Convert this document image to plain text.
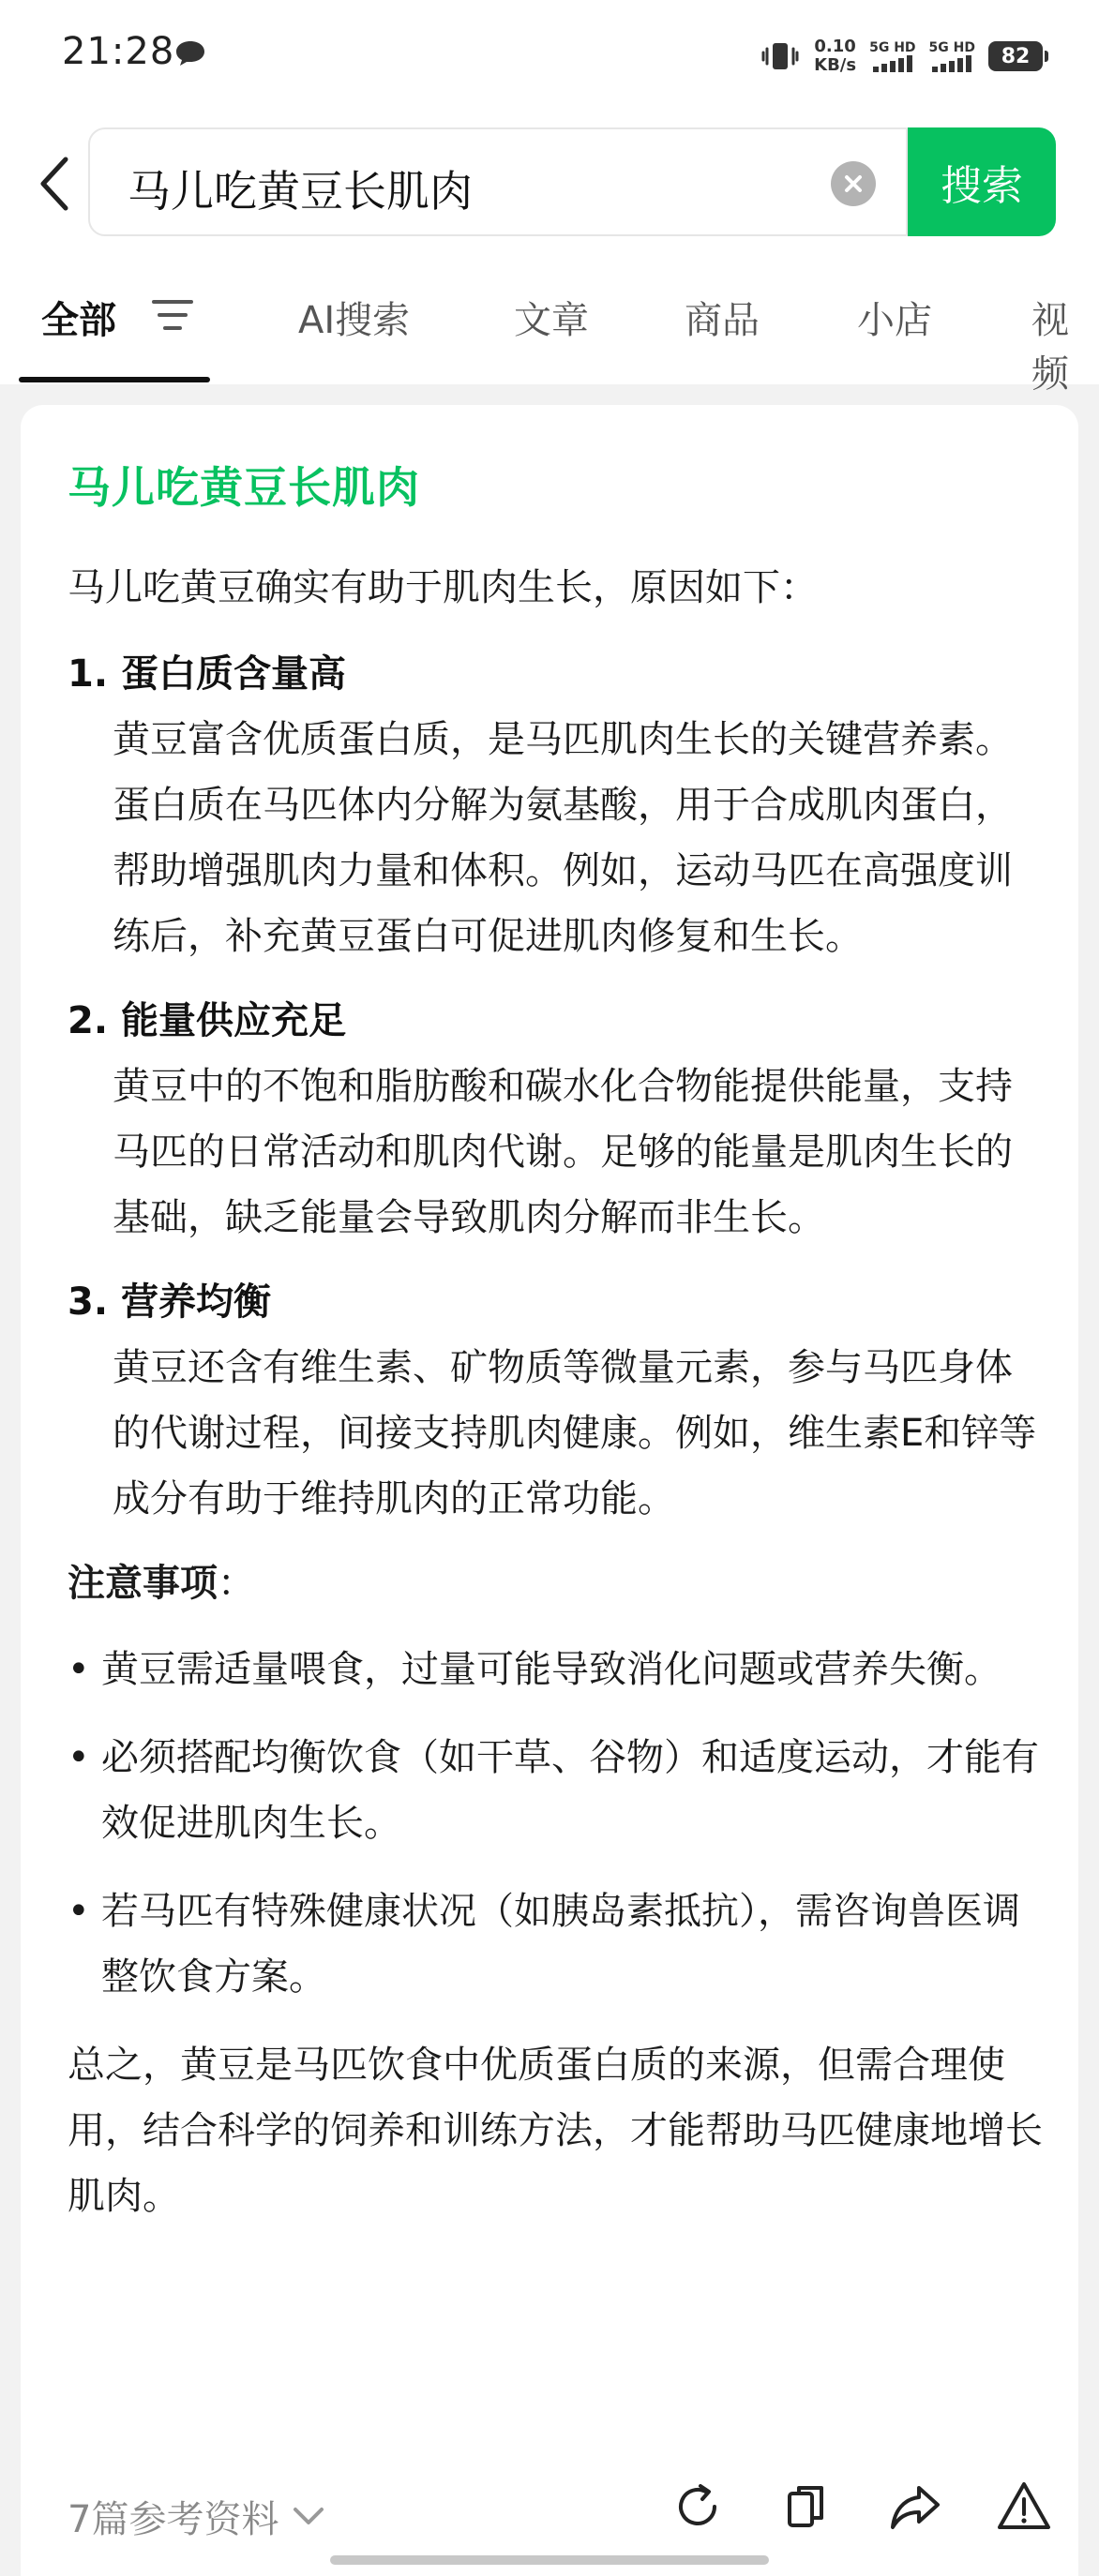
21:28	0.10
KB/s
5G HD 5G HD	82
马儿吃黄豆长肌肉	搜索
全部	AI搜索	文章	商品	小店	视频
马儿吃黄豆长肌肉

马儿吃黄豆确实有助于肌肉生长，原因如下：

1. 蛋白质含量高
黄豆富含优质蛋白质，是马匹肌肉生长的关键营养素。蛋白质在马匹体内分解为氨基酸，用于合成肌肉蛋白，帮助增强肌肉力量和体积。例如，运动马匹在高强度训练后，补充黄豆蛋白可促进肌肉修复和生长。
2. 能量供应充足
黄豆中的不饱和脂肪酸和碳水化合物能提供能量，支持马匹的日常活动和肌肉代谢。足够的能量是肌肉生长的基础，缺乏能量会导致肌肉分解而非生长。
3. 营养均衡
黄豆还含有维生素、矿物质等微量元素，参与马匹身体的代谢过程，间接支持肌肉健康。例如，维生素E和锌等成分有助于维持肌肉的正常功能。
注意事项：
• 黄豆需适量喂食，过量可能导致消化问题或营养失衡。
• 必须搭配均衡饮食（如干草、谷物）和适度运动，才能有效促进肌肉生长。
• 若马匹有特殊健康状况（如胰岛素抵抗），需咨询兽医调整饮食方案。

总之，黄豆是马匹饮食中优质蛋白质的来源，但需合理使用，结合科学的饲养和训练方法，才能帮助马匹健康地增长肌肉。

7篇参考资料
